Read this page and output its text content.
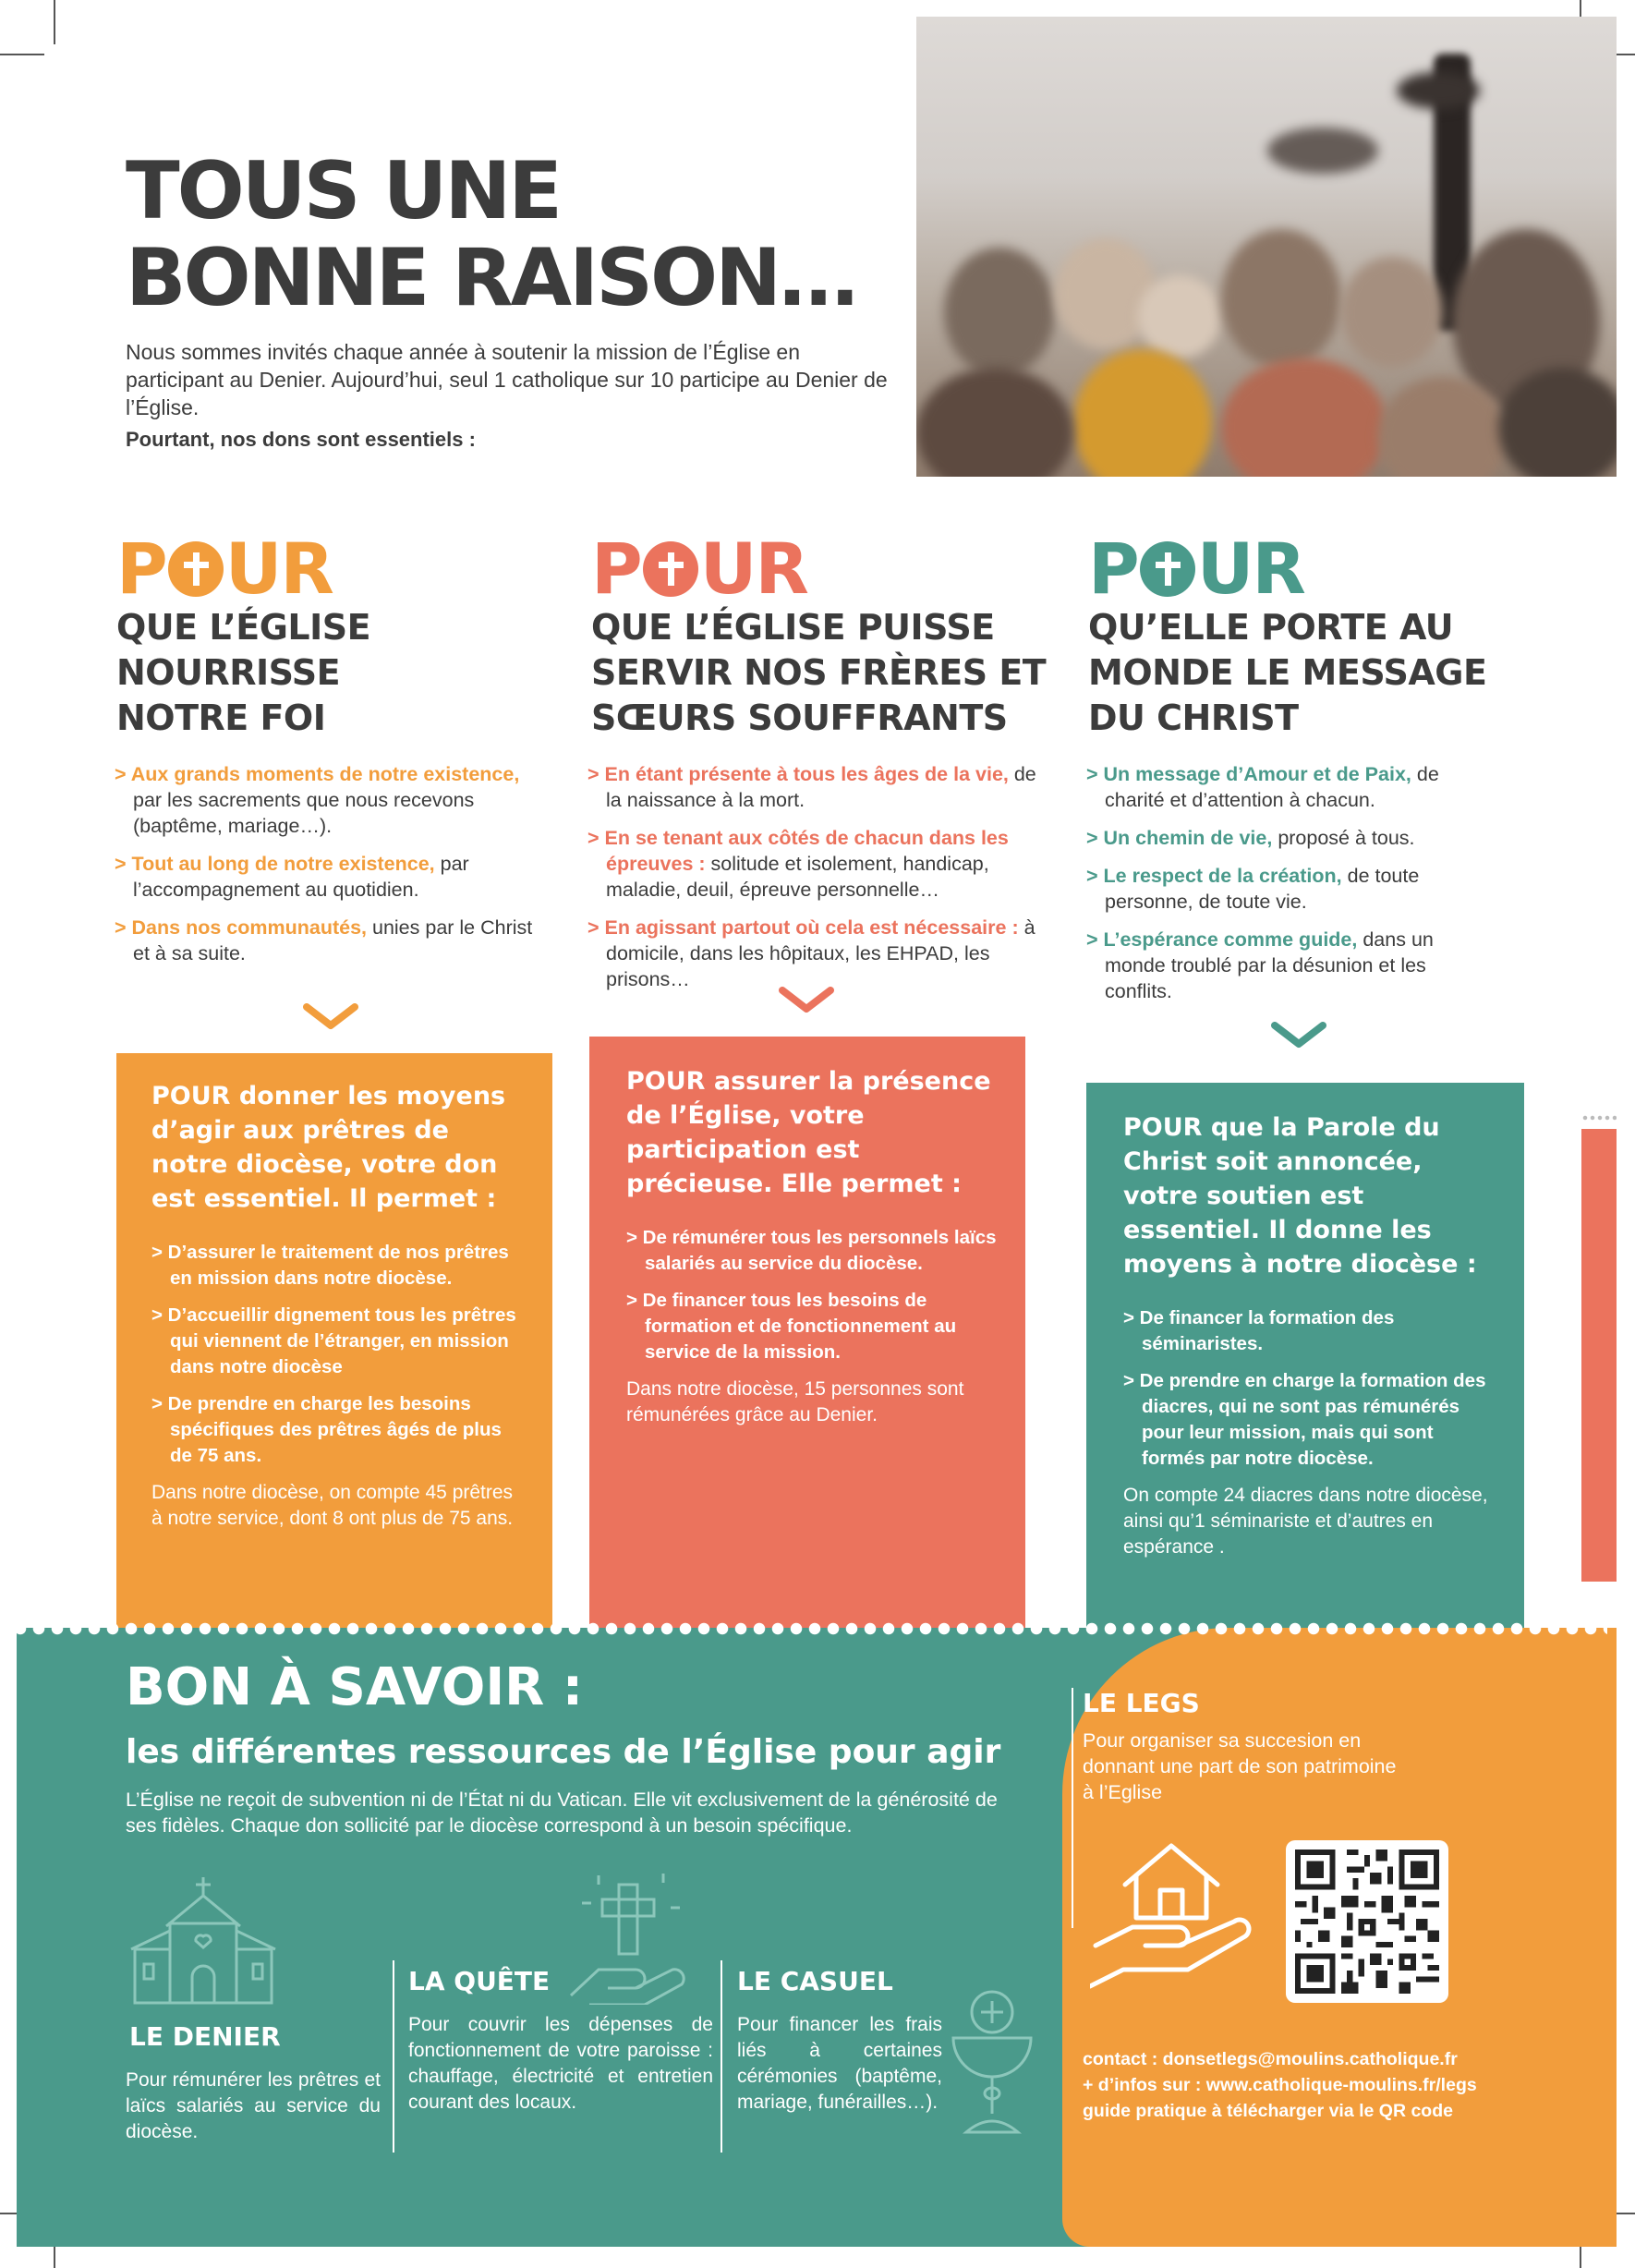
TOUS UNE
BONNE RAISON…
Nous sommes invités chaque année à soutenir la mission de l’Église en participant au Denier. Aujourd’hui, seul 1 catholique sur 10 participe au Denier de l’Église.
Pourtant, nos dons sont essentiels :
P UR
QUE L’ÉGLISE
NOURRISSE
NOTRE FOI
> Aux grands moments de notre existence, par les sacrements que nous recevons (baptême, mariage…).
> Tout au long de notre existence, par l’accompagnement au quotidien.
> Dans nos communautés, unies par le Christ et à sa suite.
POUR donner les moyens d’agir aux prêtres de notre diocèse, votre don est essentiel. Il permet :
> D’assurer le traitement de nos prêtres en mission dans notre diocèse.
> D’accueillir dignement tous les prêtres qui viennent de l’étranger, en mission dans notre diocèse
> De prendre en charge les besoins spécifiques des prêtres âgés de plus de 75 ans.
Dans notre diocèse, on compte 45 prêtres à notre service, dont 8 ont plus de 75 ans.
P UR
QUE L’ÉGLISE PUISSE
SERVIR NOS FRÈRES ET
SŒURS SOUFFRANTS
> En étant présente à tous les âges de la vie, de la naissance à la mort.
> En se tenant aux côtés de chacun dans les épreuves : solitude et isolement, handicap, maladie, deuil, épreuve personnelle…
> En agissant partout où cela est nécessaire : à domicile, dans les hôpitaux, les EHPAD, les prisons…
POUR assurer la présence de l’Église, votre participation est précieuse. Elle permet :
> De rémunérer tous les personnels laïcs salariés au service du diocèse.
> De financer tous les besoins de formation et de fonctionnement au service de la mission.
Dans notre diocèse, 15 personnes sont rémunérées grâce au Denier.
P UR
QU’ELLE PORTE AU
MONDE LE MESSAGE
DU CHRIST
> Un message d’Amour et de Paix, de charité et d’attention à chacun.
> Un chemin de vie, proposé à tous.
> Le respect de la création, de toute personne, de toute vie.
> L’espérance comme guide, dans un monde troublé par la désunion et les conflits.
POUR que la Parole du Christ soit annoncée, votre soutien est essentiel. Il donne les moyens à notre diocèse :
> De financer la formation des séminaristes.
> De prendre en charge la formation des diacres, qui ne sont pas rémunérés pour leur mission, mais qui sont formés par notre diocèse.
On compte 24 diacres dans notre diocèse, ainsi qu’1 séminariste et d’autres en espérance .
BON À SAVOIR :
les différentes ressources de l’Église pour agir
L’Église ne reçoit de subvention ni de l’État ni du Vatican. Elle vit exclusivement de la générosité de ses fidèles. Chaque don sollicité par le diocèse correspond à un besoin spécifique.
LE DENIER
Pour rémunérer les prêtres et laïcs salariés au service du diocèse.
LA QUÊTE
Pour couvrir les dépenses de fonctionnement de votre paroisse : chauffage, électricité et entretien courant des locaux.
LE CASUEL
Pour financer les frais liés à certaines cérémonies (baptême, mariage, funérailles…).
LE LEGS
Pour organiser sa succesion en donnant une part de son patrimoine à l’Eglise
contact : donsetlegs@moulins.catholique.fr
+ d’infos sur : www.catholique-moulins.fr/legs
guide pratique à télécharger via le QR code
